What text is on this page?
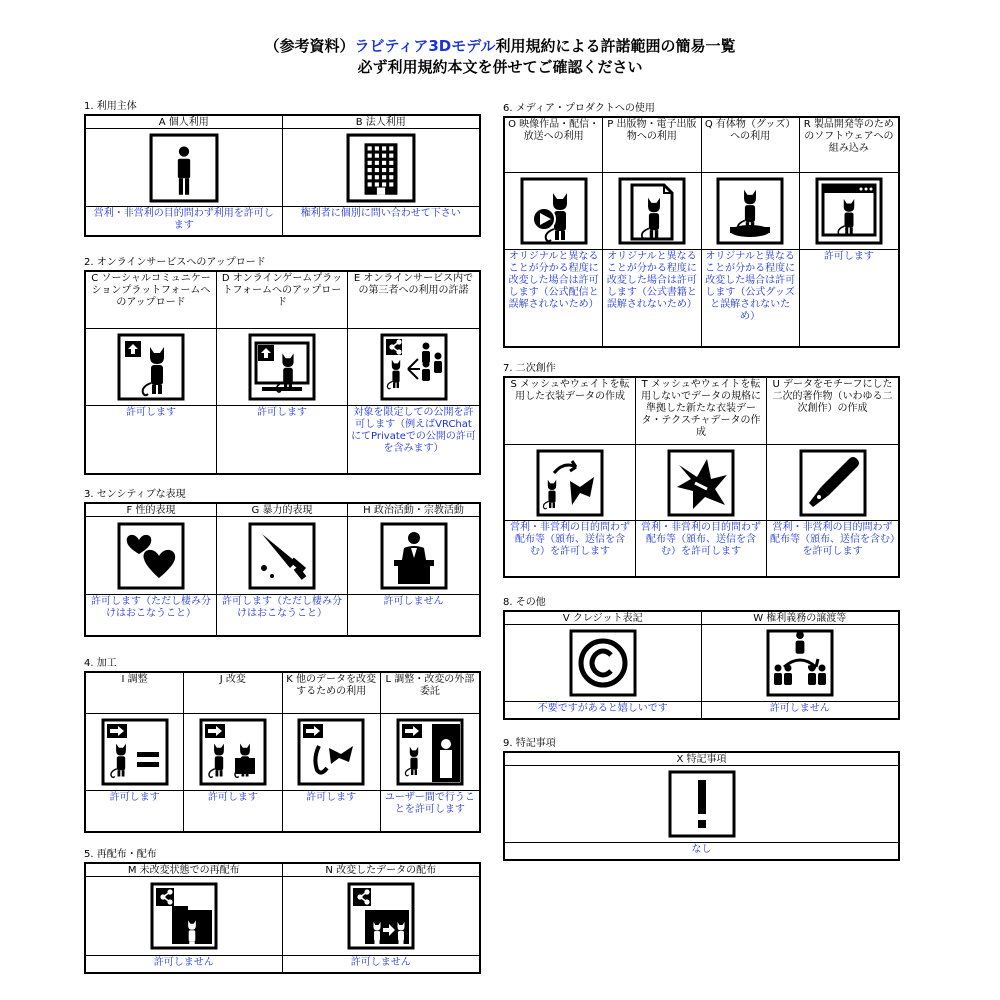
（参考資料）ラビティア3Dモデル利用規約による許諾範囲の簡易一覧
必ず利用規約本文を併せてご確認ください
1. 利用主体
A 個人利用
営利・非営利の目的問わず利用を許可します
B 法人利用
権利者に個別に問い合わせて下さい
2. オンラインサービスへのアップロード
C ソーシャルコミュニケーションプラットフォームへのアップロード
許可します
D オンラインゲームプラットフォームへのアップロード
許可します
E オンラインサービス内での第三者への利用の許諾
対象を限定しての公開を許可します（例えばVRChatにてPrivateでの公開の許可を含みます）
3. センシティブな表現
F 性的表現
許可します（ただし棲み分けはおこなうこと）
G 暴力的表現
許可します（ただし棲み分けはおこなうこと）
H 政治活動・宗教活動
許可しません
4. 加工
I 調整
許可します
J 改変
許可します
K 他のデータを改変するための利用
許可します
L 調整・改変の外部委託
ユーザー間で行うことを許可します
5. 再配布・配布
M 未改変状態での再配布
許可しません
N 改変したデータの配布
許可しません
6. メディア・プロダクトへの使用
O 映像作品・配信・放送への利用
オリジナルと異なることが分かる程度に改変した場合は許可します（公式配信と誤解されないため）
P 出版物・電子出版物への利用
オリジナルと異なることが分かる程度に改変した場合は許可します（公式書籍と誤解されないため）
Q 有体物（グッズ）への利用
オリジナルと異なることが分かる程度に改変した場合は許可します（公式グッズと誤解されないため）
R 製品開発等のためのソフトウェアへの組み込み
許可します
7. 二次創作
S メッシュやウェイトを転用した衣装データの作成
営利・非営利の目的問わず配布等（頒布、送信を含む）を許可します
T メッシュやウェイトを転用しないでデータの規格に準拠した新たな衣装データ・テクスチャデータの作成
営利・非営利の目的問わず配布等（頒布、送信を含む）を許可します
U データをモチーフにした二次的著作物（いわゆる二次創作）の作成
営利・非営利の目的問わず配布等（頒布、送信を含む）を許可します
8. その他
V クレジット表記
不要ですがあると嬉しいです
W 権利義務の譲渡等
許可しません
9. 特記事項
X 特記事項
なし
